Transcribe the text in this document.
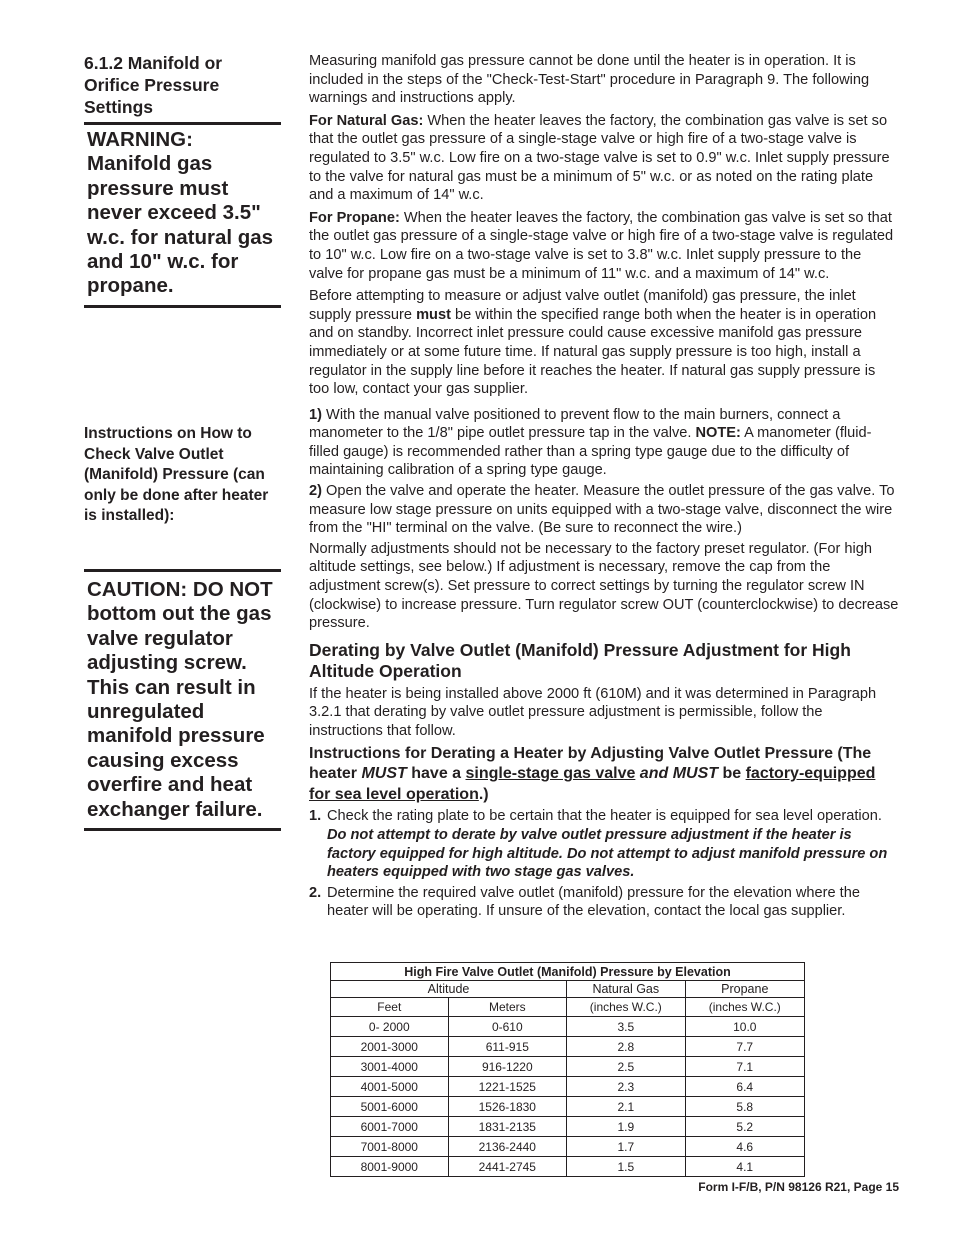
6.1.2 Manifold or Orifice Pressure Settings
WARNING: Manifold gas pressure must never exceed 3.5" w.c. for natural gas and 10" w.c. for propane.
Instructions on How to Check Valve Outlet (Manifold) Pressure (can only be done after heater is installed):
CAUTION: DO NOT bottom out the gas valve regulator adjusting screw. This can result in unregulated manifold pressure causing excess overfire and heat exchanger failure.

Measuring manifold gas pressure cannot be done until the heater is in operation. It is included in the steps of the "Check-Test-Start" procedure in Paragraph 9. The following warnings and instructions apply.

For Natural Gas: When the heater leaves the factory, the combination gas valve is set so that the outlet gas pressure of a single-stage valve or high fire of a two-stage valve is regulated to 3.5" w.c. Low fire on a two-stage valve is set to 0.9" w.c. Inlet supply pressure to the valve for natural gas must be a minimum of 5" w.c. or as noted on the rating plate and a maximum of 14" w.c.

For Propane: When the heater leaves the factory, the combination gas valve is set so that the outlet gas pressure of a single-stage valve or high fire of a two-stage valve is regulated to 10" w.c. Low fire on a two-stage valve is set to 3.8" w.c. Inlet supply pressure to the valve for propane gas must be a minimum of 11" w.c. and a maximum of 14" w.c.

Before attempting to measure or adjust valve outlet (manifold) gas pressure, the inlet supply pressure must be within the specified range both when the heater is in operation and on standby. Incorrect inlet pressure could cause excessive manifold gas pressure immediately or at some future time. If natural gas supply pressure is too high, install a regulator in the supply line before it reaches the heater. If natural gas supply pressure is too low, contact your gas supplier.

1) With the manual valve positioned to prevent flow to the main burners, connect a manometer to the 1/8" pipe outlet pressure tap in the valve. NOTE: A manometer (fluid-filled gauge) is recommended rather than a spring type gauge due to the difficulty of maintaining calibration of a spring type gauge.

2) Open the valve and operate the heater. Measure the outlet pressure of the gas valve. To measure low stage pressure on units equipped with a two-stage valve, disconnect the wire from the "HI" terminal on the valve. (Be sure to reconnect the wire.)

Normally adjustments should not be necessary to the factory preset regulator. (For high altitude settings, see below.) If adjustment is necessary, remove the cap from the adjustment screw(s). Set pressure to correct settings by turning the regulator screw IN (clockwise) to increase pressure. Turn regulator screw OUT (counterclockwise) to decrease pressure.

Derating by Valve Outlet (Manifold) Pressure Adjustment for High Altitude Operation

If the heater is being installed above 2000 ft (610M) and it was determined in Paragraph 3.2.1 that derating by valve outlet pressure adjustment is permissible, follow the instructions that follow.

Instructions for Derating a Heater by Adjusting Valve Outlet Pressure (The heater MUST have a single-stage gas valve and MUST be factory-equipped for sea level operation.)
1. Check the rating plate to be certain that the heater is equipped for sea level operation. Do not attempt to derate by valve outlet pressure adjustment if the heater is factory equipped for high altitude. Do not attempt to adjust manifold pressure on heaters equipped with two stage gas valves.
2. Determine the required valve outlet (manifold) pressure for the elevation where the heater will be operating. If unsure of the elevation, contact the local gas supplier.
High Fire Valve Outlet (Manifold) Pressure by Elevation			
Altitude		Natural Gas	Propane
Feet	Meters	(inches W.C.)	(inches W.C.)
0- 2000	0-610	3.5	10.0
2001-3000	611-915	2.8	7.7
3001-4000	916-1220	2.5	7.1
4001-5000	1221-1525	2.3	6.4
5001-6000	1526-1830	2.1	5.8
6001-7000	1831-2135	1.9	5.2
7001-8000	2136-2440	1.7	4.6
8001-9000	2441-2745	1.5	4.1
Form I-F/B, P/N 98126 R21, Page 15
